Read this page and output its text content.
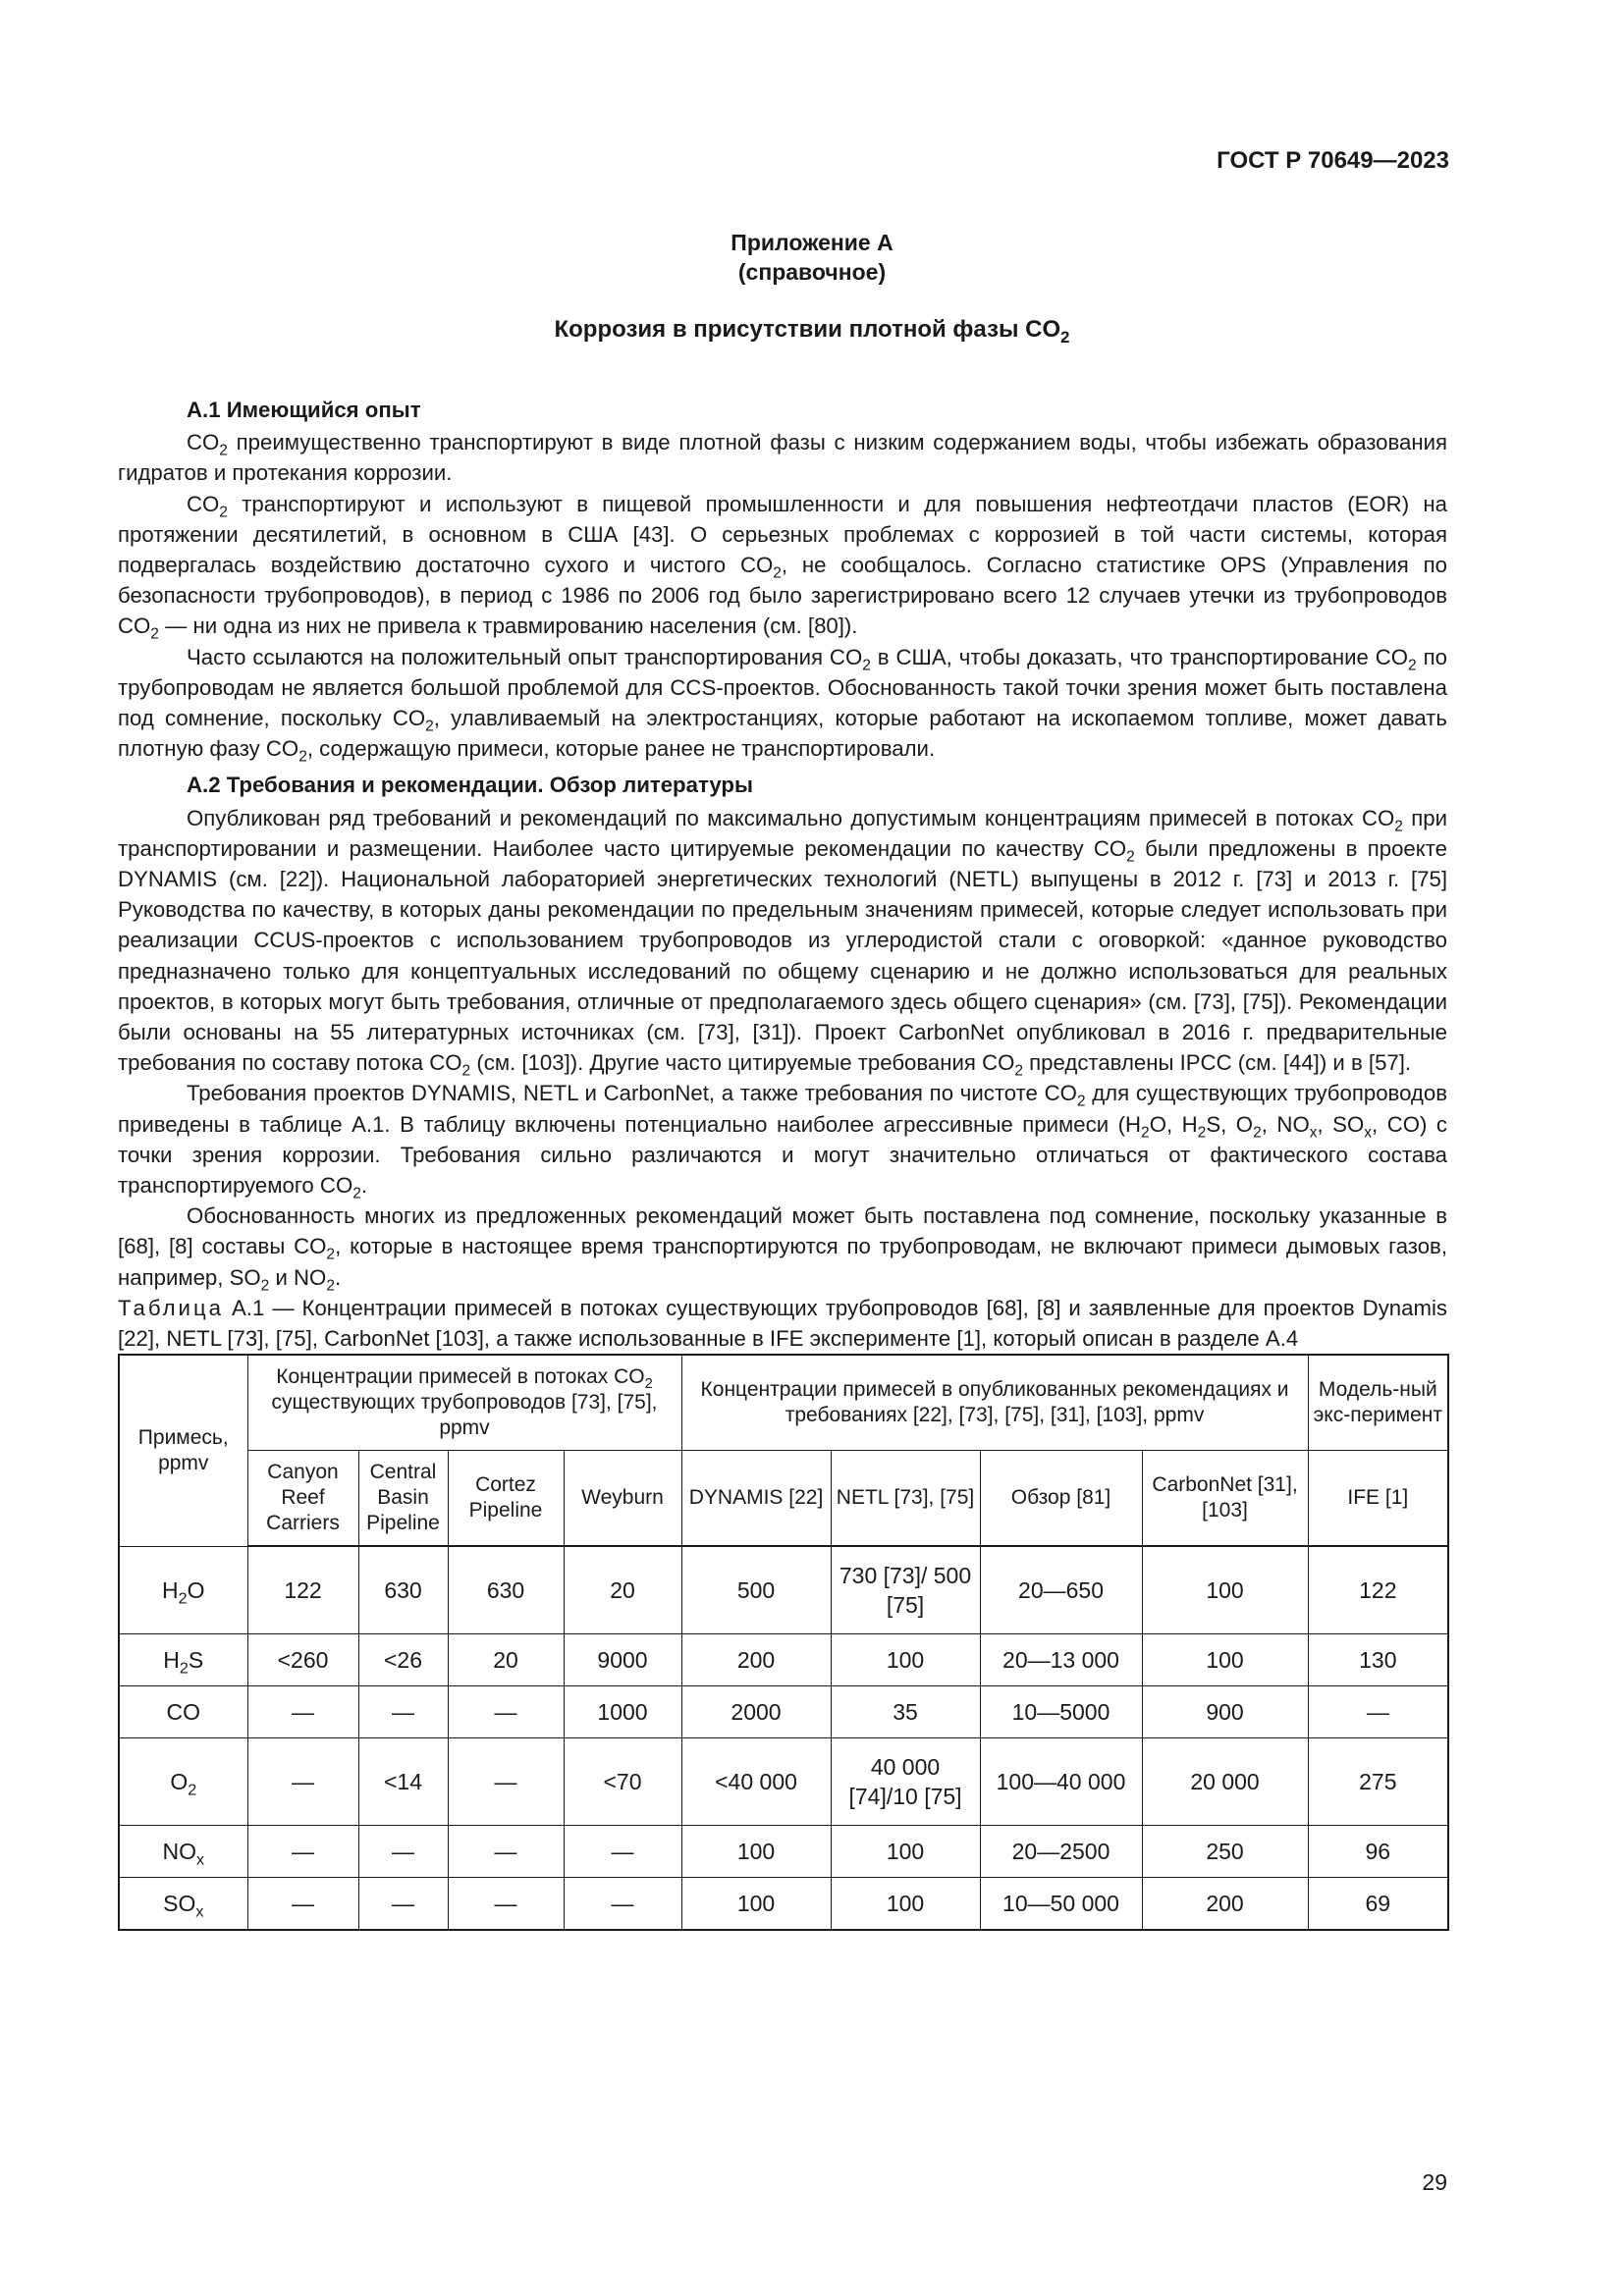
ГОСТ Р 70649—2023
Приложение А
(справочное)
Коррозия в присутствии плотной фазы $CO_2$
А.1 Имеющийся опыт

$CO_2$ преимущественно транспортируют в виде плотной фазы с низким содержанием воды, чтобы избежать образования гидратов и протекания коррозии.

$CO_2$ транспортируют и используют в пищевой промышленности и для повышения нефтеотдачи пластов (EOR) на протяжении десятилетий, в основном в США [43]. О серьезных проблемах с коррозией в той части системы, которая подвергалась воздействию достаточно сухого и чистого $CO_2$, не сообщалось. Согласно статистике OPS (Управления по безопасности трубопроводов), в период с 1986 по 2006 год было зарегистрировано всего 12 случаев утечки из трубопроводов $CO_2$ — ни одна из них не привела к травмированию населения (см. [80]).

Часто ссылаются на положительный опыт транспортирования $CO_2$ в США, чтобы доказать, что транспортирование $CO_2$ по трубопроводам не является большой проблемой для CCS-проектов. Обоснованность такой точки зрения может быть поставлена под сомнение, поскольку $CO_2$, улавливаемый на электростанциях, которые работают на ископаемом топливе, может давать плотную фазу $CO_2$, содержащую примеси, которые ранее не транспортировали.

А.2 Требования и рекомендации. Обзор литературы

Опубликован ряд требований и рекомендаций по максимально допустимым концентрациям примесей в потоках $CO_2$ при транспортировании и размещении. Наиболее часто цитируемые рекомендации по качеству $CO_2$ были предложены в проекте DYNAMIS (см. [22]). Национальной лабораторией энергетических технологий (NETL) выпущены в 2012 г. [73] и 2013 г. [75] Руководства по качеству, в которых даны рекомендации по предельным значениям примесей, которые следует использовать при реализации CCUS-проектов с использованием трубопроводов из углеродистой стали с оговоркой: «данное руководство предназначено только для концептуальных исследований по общему сценарию и не должно использоваться для реальных проектов, в которых могут быть требования, отличные от предполагаемого здесь общего сценария» (см. [73], [75]). Рекомендации были основаны на 55 литературных источниках (см. [73], [31]). Проект CarbonNet опубликовал в 2016 г. предварительные требования по составу потока $CO_2$ (см. [103]). Другие часто цитируемые требования $CO_2$ представлены IPCC (см. [44]) и в [57].

Требования проектов DYNAMIS, NETL и CarbonNet, а также требования по чистоте $CO_2$ для существующих трубопроводов приведены в таблице А.1. В таблицу включены потенциально наиболее агрессивные примеси ($H_2O$, $H_2S$, $O_2$, $NO_x$, $SO_x$, CO) с точки зрения коррозии. Требования сильно различаются и могут значительно отличаться от фактического состава транспортируемого $CO_2$.

Обоснованность многих из предложенных рекомендаций может быть поставлена под сомнение, поскольку указанные в [68], [8] составы $CO_2$, которые в настоящее время транспортируются по трубопроводам, не включают примеси дымовых газов, например, $SO_2$ и $NO_2$.

Таблица А.1 — Концентрации примесей в потоках существующих трубопроводов [68], [8] и заявленные для проектов Dynamis [22], NETL [73], [75], CarbonNet [103], а также использованные в IFE эксперименте [1], который описан в разделе А.4

Примесь, ppmv	Концентрации примесей в потоках $CO_2$ существующих трубопроводов [73], [75], ppmv				Концентрации примесей в опубликованных рекомендациях и требованиях [22], [73], [75], [31], [103], ppmv				Модель-ный экс-перимент
	Canyon Reef Carriers	Central Basin Pipeline	Cortez Pipeline	Weyburn	DYNAMIS [22]	NETL [73], [75]	Обзор [81]	CarbonNet [31], [103]	IFE [1]
$H_2O$	122	630	630	20	500	730 [73]/ 500 [75]	20—650	100	122
$H_2S$	<260	<26	20	9000	200	100	20—13 000	100	130
CO	—	—	—	1000	2000	35	10—5000	900	—
$O_2$	—	<14	—	<70	<40 000	40 000 [74]/10 [75]	100—40 000	20 000	275
$NO_x$	—	—	—	—	100	100	20—2500	250	96
$SO_x$	—	—	—	—	100	100	10—50 000	200	69
29
